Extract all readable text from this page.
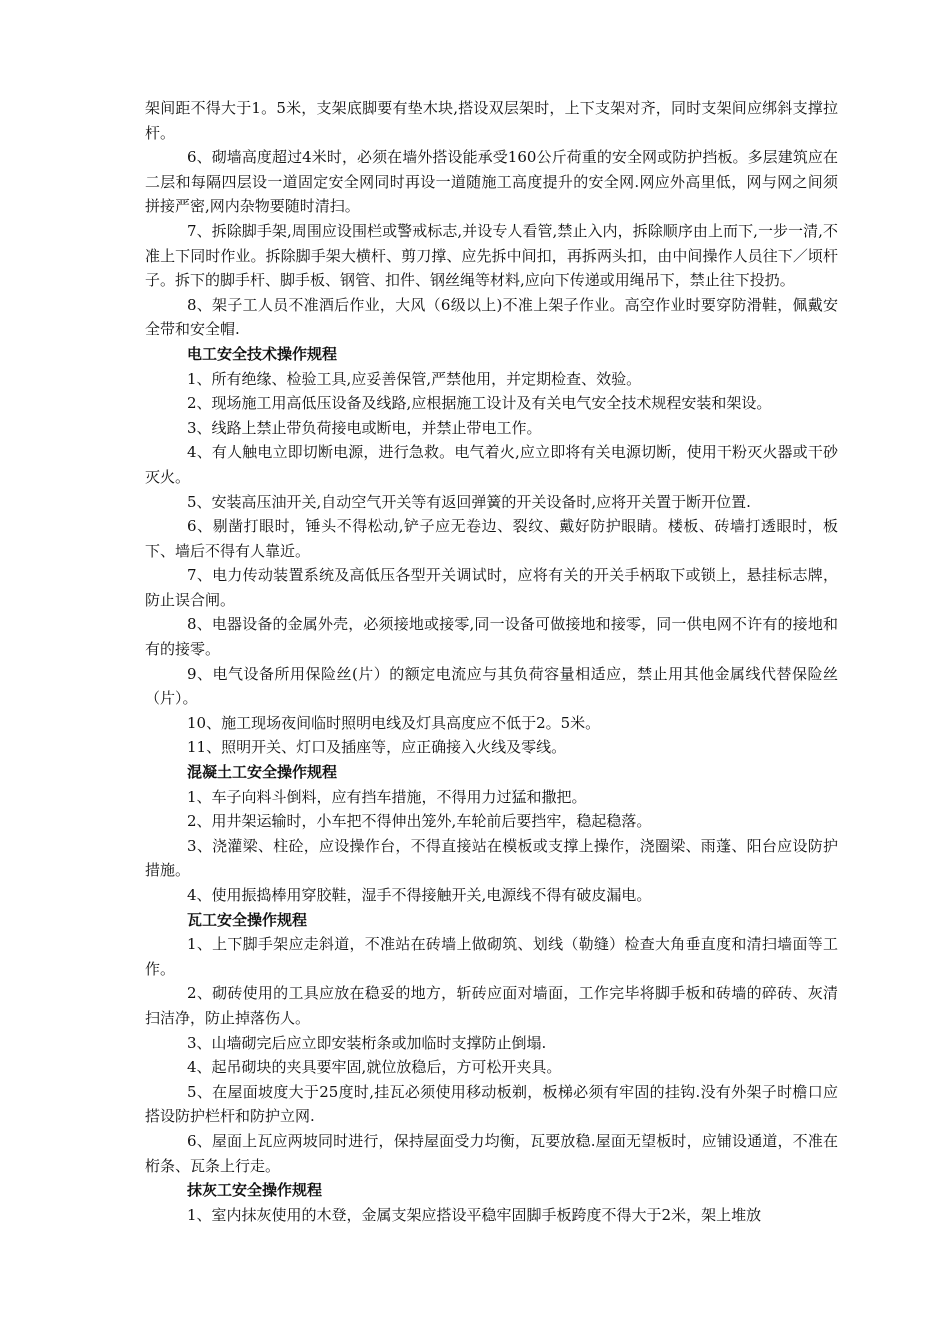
架间距不得大于1。5米，支架底脚要有垫木块,搭设双层架时，上下支架对齐，同时支架间应绑斜支撑拉杆。

6、砌墙高度超过4米时，必须在墙外搭设能承受160公斤荷重的安全网或防护挡板。多层建筑应在二层和每隔四层设一道固定安全网同时再设一道随施工高度提升的安全网.网应外高里低，网与网之间须拼接严密,网内杂物要随时清扫。

7、拆除脚手架,周围应设围栏或警戒标志,并设专人看管,禁止入内，拆除顺序由上而下,一步一清,不准上下同时作业。拆除脚手架大横杆、剪刀撑、应先拆中间扣，再拆两头扣，由中间操作人员往下／顷杆子。拆下的脚手杆、脚手板、钢管、扣件、钢丝绳等材料,应向下传递或用绳吊下，禁止往下投扔。

8、架子工人员不准酒后作业，大风（6级以上)不准上架子作业。高空作业时要穿防滑鞋，佩戴安全带和安全帽.

电工安全技术操作规程

1、所有绝缘、检验工具,应妥善保管,严禁他用，并定期检查、效验。

2、现场施工用高低压设备及线路,应根据施工设计及有关电气安全技术规程安装和架设。

3、线路上禁止带负荷接电或断电，并禁止带电工作。

4、有人触电立即切断电源，进行急救。电气着火,应立即将有关电源切断，使用干粉灭火器或干砂灭火。

5、安装高压油开关,自动空气开关等有返回弹簧的开关设备时,应将开关置于断开位置.

6、剔凿打眼时，锤头不得松动,铲子应无卷边、裂纹、戴好防护眼睛。楼板、砖墙打透眼时，板下、墙后不得有人靠近。

7、电力传动装置系统及高低压各型开关调试时，应将有关的开关手柄取下或锁上，悬挂标志牌，防止误合闸。

8、电器设备的金属外壳，必须接地或接零,同一设备可做接地和接零，同一供电网不许有的接地和有的接零。

9、电气设备所用保险丝(片）的额定电流应与其负荷容量相适应，禁止用其他金属线代替保险丝（片）。

10、施工现场夜间临时照明电线及灯具高度应不低于2。5米。

11、照明开关、灯口及插座等，应正确接入火线及零线。

混凝土工安全操作规程

1、车子向料斗倒料，应有挡车措施，不得用力过猛和撒把。

2、用井架运输时，小车把不得伸出笼外,车轮前后要挡牢，稳起稳落。

3、浇灌梁、柱砼，应设操作台，不得直接站在模板或支撑上操作，浇圈梁、雨蓬、阳台应设防护措施。

4、使用振捣棒用穿胶鞋，湿手不得接触开关,电源线不得有破皮漏电。

瓦工安全操作规程

1、上下脚手架应走斜道，不准站在砖墙上做砌筑、划线（勒缝）检查大角垂直度和清扫墙面等工作。

2、砌砖使用的工具应放在稳妥的地方，斩砖应面对墙面，工作完毕将脚手板和砖墙的碎砖、灰清扫洁净，防止掉落伤人。

3、山墙砌完后应立即安装桁条或加临时支撑防止倒塌.

4、起吊砌块的夹具要牢固,就位放稳后，方可松开夹具。

5、在屋面坡度大于25度时,挂瓦必须使用移动板剃，板梯必须有牢固的挂钩.没有外架子时檐口应搭设防护栏杆和防护立网.

6、屋面上瓦应两坡同时进行，保持屋面受力均衡，瓦要放稳.屋面无望板时，应铺设通道，不准在桁条、瓦条上行走。

抹灰工安全操作规程

1、室内抹灰使用的木登，金属支架应搭设平稳牢固脚手板跨度不得大于2米，架上堆放
